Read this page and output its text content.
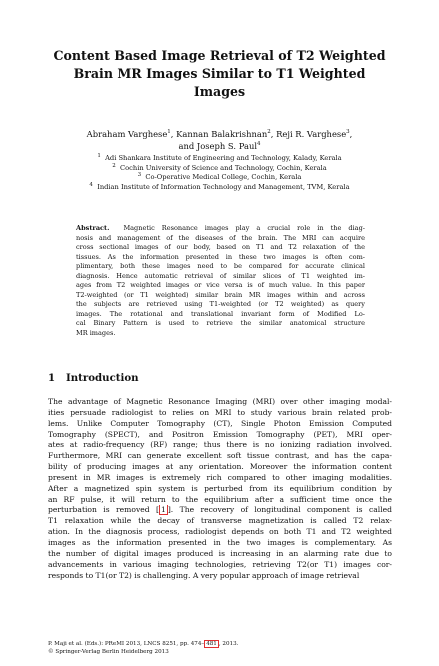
Content Based Image Retrieval of T2 Weighted
Brain MR Images Similar to T1 Weighted
Images
Abraham Varghese$^1$, Kannan Balakrishnan$^2$, Reji R. Varghese$^3$,
and Joseph S. Paul$^4$
$^1$ Adi Shankara Institute of Engineering and Technology, Kalady, Kerala
$^2$ Cochin University of Science and Technology, Cochin, Kerala
$^3$ Co-Operative Medical College, Cochin, Kerala
$^4$ Indian Institute of Information Technology and Management, TVM, Kerala
Abstract. Magnetic Resonance images play a crucial role in the diag-
nosis and management of the diseases of the brain. The MRI can acquire
cross sectional images of our body, based on T1 and T2 relaxation of the
tissues. As the information presented in these two images is often com-
plimentary, both these images need to be compared for accurate clinical
diagnosis. Hence automatic retrieval of similar slices of T1 weighted im-
ages from T2 weighted images or vice versa is of much value. In this paper
T2-weighted (or T1 weighted) similar brain MR images within and across
the subjects are retrieved using T1-weighted (or T2 weighted) as query
images. The rotational and translational invariant form of Modified Lo-
cal Binary Pattern is used to retrieve the similar anatomical structure
MR images.
1 Introduction
The advantage of Magnetic Resonance Imaging (MRI) over other imaging modal-
ities persuade radiologist to relies on MRI to study various brain related prob-
lems. Unlike Computer Tomography (CT), Single Photon Emission Computed
Tomography (SPECT), and Positron Emission Tomography (PET), MRI oper-
ates at radio-frequency (RF) range; thus there is no ionizing radiation involved.
Furthermore, MRI can generate excellent soft tissue contrast, and has the capa-
bility of producing images at any orientation. Moreover the information content
present in MR images is extremely rich compared to other imaging modalities.
After a magnetized spin system is perturbed from its equilibrium condition by
an RF pulse, it will return to the equilibrium after a sufficient time once the
perturbation is removed [ 1 ]. The recovery of longitudinal component is called
T1 relaxation while the decay of transverse magnetization is called T2 relax-
ation. In the diagnosis process, radiologist depends on both T1 and T2 weighted
images as the information presented in the two images is complementary. As
the number of digital images produced is increasing in an alarming rate due to
advancements in various imaging technologies, retrieving T2(or T1) images cor-
responds to T1(or T2) is challenging. A very popular approach of image retrieval
P. Maji et al. (Eds.): PReMI 2013, LNCS 8251, pp. 474– 481 , 2013.
© Springer-Verlag Berlin Heidelberg 2013
